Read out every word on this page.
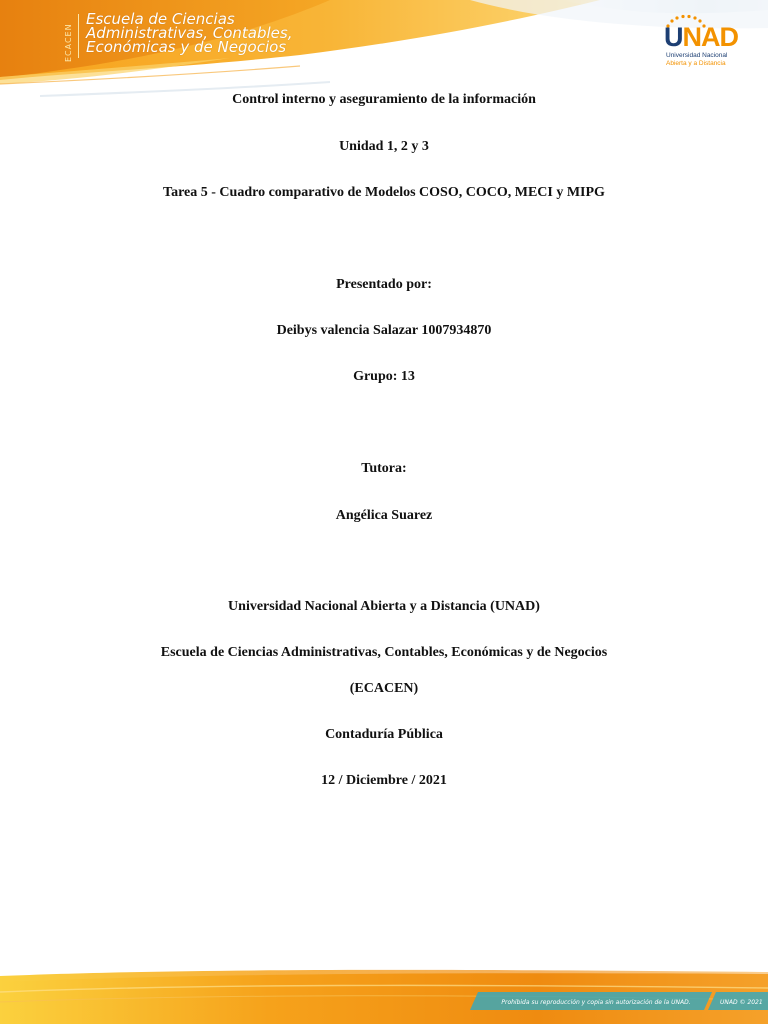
ECACEN
Escuela de Ciencias
Administrativas, Contables,
Económicas y de Negocios	UNAD
Universidad Nacional
Abierta y a Distancia
Control interno y aseguramiento de la información
Unidad 1, 2 y 3
Tarea 5 - Cuadro comparativo de Modelos COSO, COCO, MECI y MIPG
Presentado por:
Deibys valencia Salazar 1007934870
Grupo: 13
Tutora:
Angélica Suarez
Universidad Nacional Abierta y a Distancia (UNAD)
Escuela de Ciencias Administrativas, Contables, Económicas y de Negocios
(ECACEN)
Contaduría Pública
12 / Diciembre / 2021
Prohibida su reproducción y copia sin autorización de la UNAD.	UNAD © 2021
